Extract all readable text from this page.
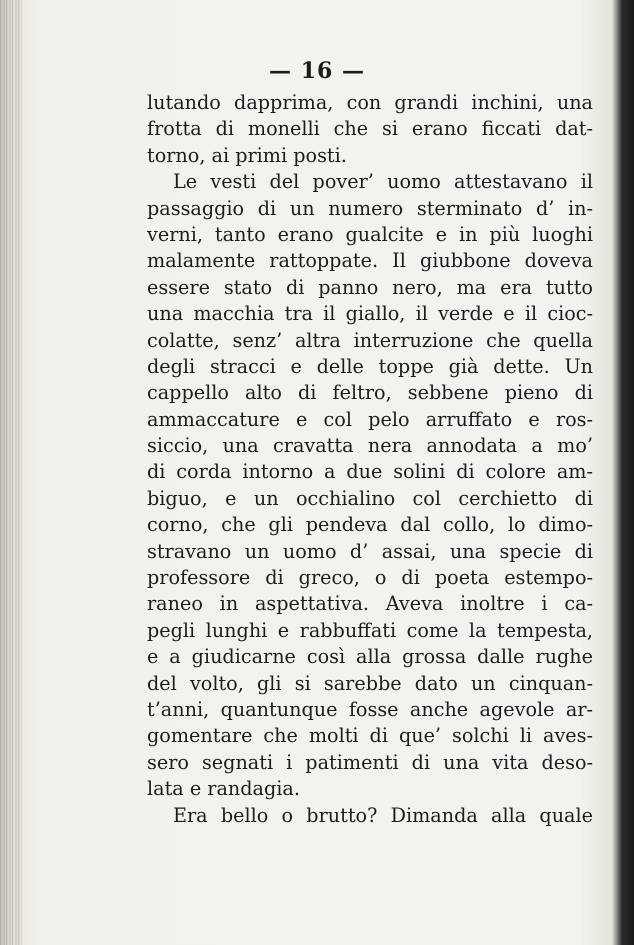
— 16 —
lutando dapprima, con grandi inchini, una
frotta di monelli che si erano ficcati dat-
torno, ai primi posti.
Le vesti del pover’ uomo attestavano il
passaggio di un numero sterminato d’ in-
verni, tanto erano gualcite e in più luoghi
malamente rattoppate. Il giubbone doveva
essere stato di panno nero, ma era tutto
una macchia tra il giallo, il verde e il cioc-
colatte, senz’ altra interruzione che quella
degli stracci e delle toppe già dette. Un
cappello alto di feltro, sebbene pieno di
ammaccature e col pelo arruffato e ros-
siccio, una cravatta nera annodata a mo’
di corda intorno a due solini di colore am-
biguo, e un occhialino col cerchietto di
corno, che gli pendeva dal collo, lo dimo-
stravano un uomo d’ assai, una specie di
professore di greco, o di poeta estempo-
raneo in aspettativa. Aveva inoltre i ca-
pegli lunghi e rabbuffati come la tempesta,
e a giudicarne così alla grossa dalle rughe
del volto, gli si sarebbe dato un cinquan-
t’anni, quantunque fosse anche agevole ar-
gomentare che molti di que’ solchi li aves-
sero segnati i patimenti di una vita deso-
lata e randagia.
Era bello o brutto? Dimanda alla quale
